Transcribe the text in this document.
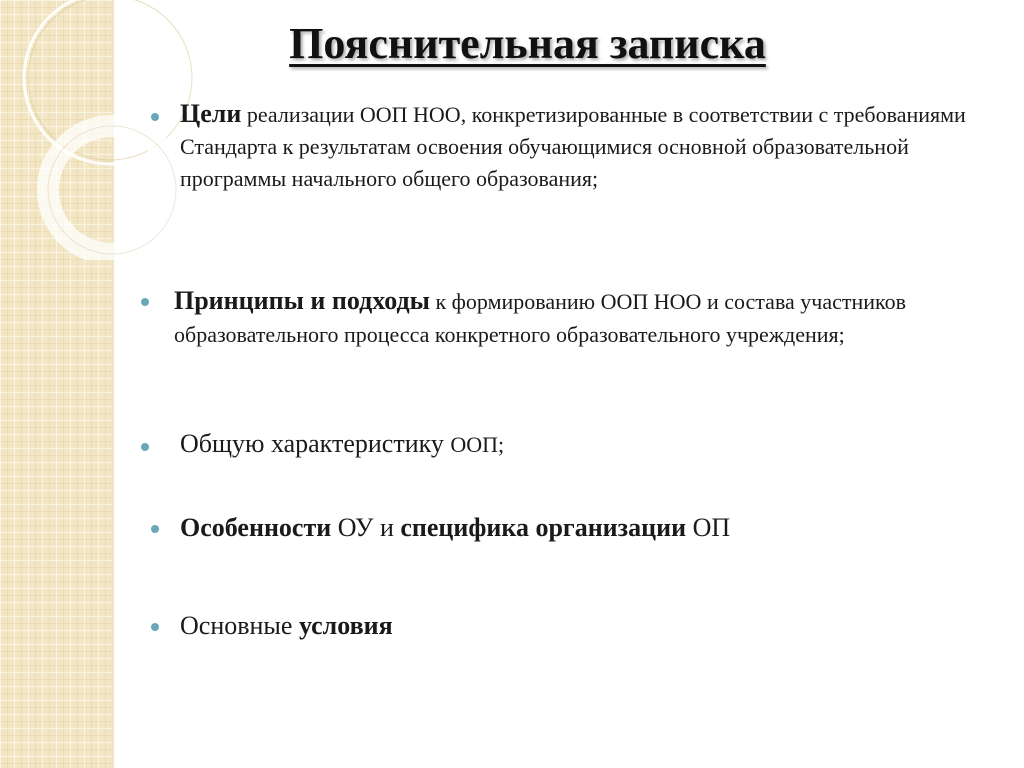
Пояснительная записка

Цели реализации ООП НОО, конкретизированные в соответствии с требованиями Стандарта к результатам освоения обучающимися основной образовательной программы начального общего образования;

Принципы и подходы к формированию ООП НОО и состава участников образовательного процесса конкретного образовательного учреждения;

Общую характеристику ООП;

Особенности ОУ и специфика организации ОП

Основные условия
